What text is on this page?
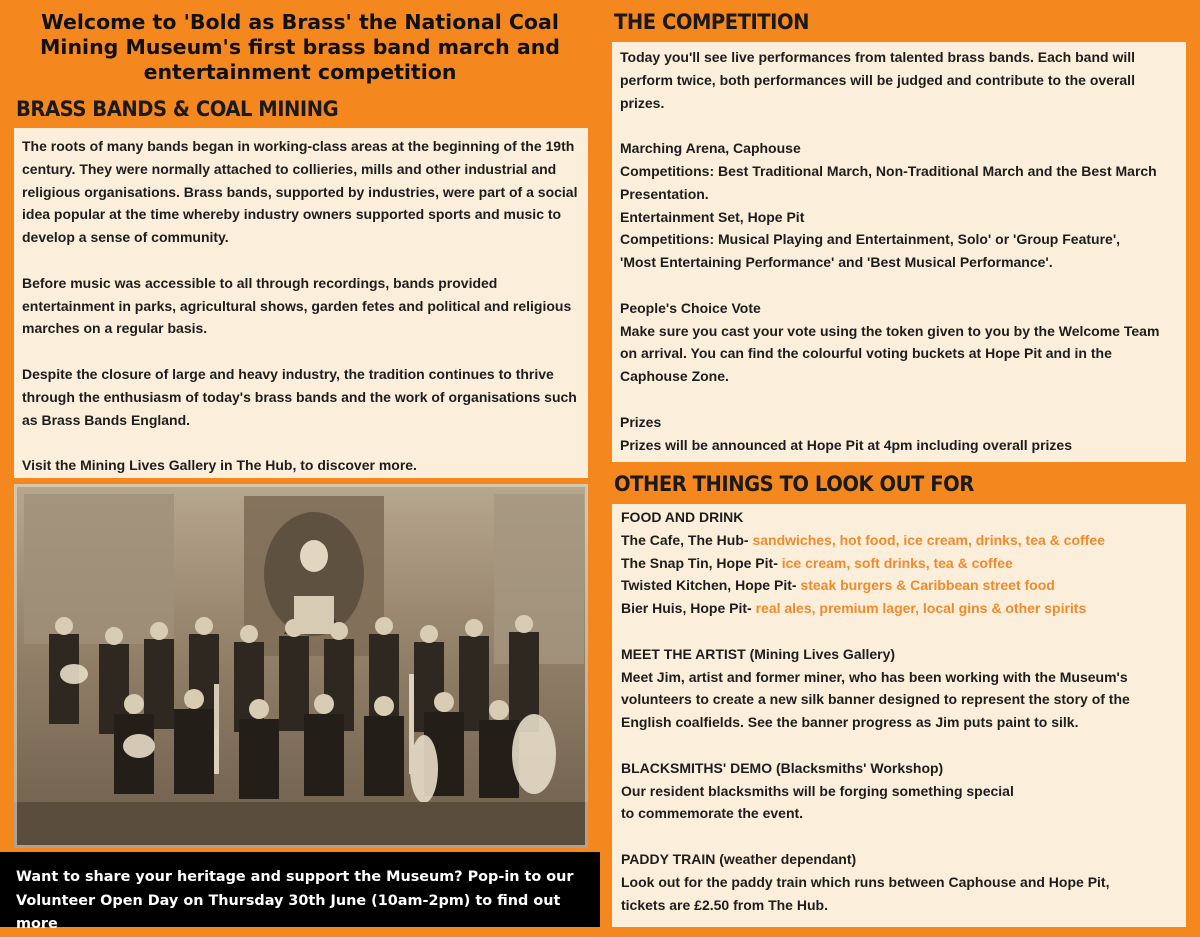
Welcome to 'Bold as Brass' the National Coal Mining Museum's first brass band march and entertainment competition
BRASS BANDS & COAL MINING

The roots of many bands began in working-class areas at the beginning of the 19th century. They were normally attached to collieries, mills and other industrial and religious organisations. Brass bands, supported by industries, were part of a social idea popular at the time whereby industry owners supported sports and music to develop a sense of community.

Before music was accessible to all through recordings, bands provided entertainment in parks, agricultural shows, garden fetes and political and religious marches on a regular basis.

Despite the closure of large and heavy industry, the tradition continues to thrive through the enthusiasm of today's brass bands and the work of organisations such as Brass Bands England.

Visit the Mining Lives Gallery in The Hub, to discover more.

Want to share your heritage and support the Museum? Pop-in to our Volunteer Open Day on Thursday 30th June (10am-2pm) to find out more
THE COMPETITION

Today you'll see live performances from talented brass bands. Each band will perform twice, both performances will be judged and contribute to the overall prizes.

Marching Arena, Caphouse

Competitions: Best Traditional March, Non-Traditional March and the Best March Presentation.

Entertainment Set, Hope Pit

Competitions: Musical Playing and Entertainment, Solo' or 'Group Feature',

'Most Entertaining Performance' and 'Best Musical Performance'.

People's Choice Vote

Make sure you cast your vote using the token given to you by the Welcome Team on arrival. You can find the colourful voting buckets at Hope Pit and in the Caphouse Zone.

Prizes

Prizes will be announced at Hope Pit at 4pm including overall prizes

OTHER THINGS TO LOOK OUT FOR

FOOD AND DRINK

The Cafe, The Hub- sandwiches, hot food, ice cream, drinks, tea & coffee

The Snap Tin, Hope Pit- ice cream, soft drinks, tea & coffee

Twisted Kitchen, Hope Pit- steak burgers & Caribbean street food

Bier Huis, Hope Pit- real ales, premium lager, local gins & other spirits

MEET THE ARTIST (Mining Lives Gallery)

Meet Jim, artist and former miner, who has been working with the Museum's volunteers to create a new silk banner designed to represent the story of the English coalfields. See the banner progress as Jim puts paint to silk.

BLACKSMITHS' DEMO (Blacksmiths' Workshop)

Our resident blacksmiths will be forging something special

to commemorate the event.

PADDY TRAIN (weather dependant)

Look out for the paddy train which runs between Caphouse and Hope Pit,

tickets are £2.50 from The Hub.
